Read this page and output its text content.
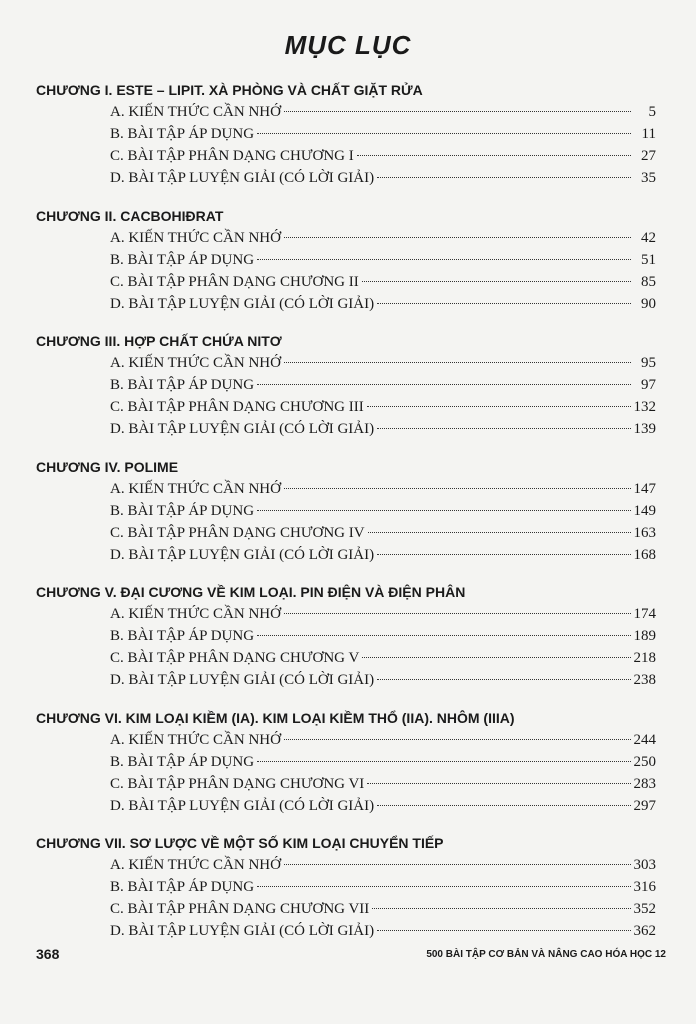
MỤC LỤC
CHƯƠNG I. ESTE – LIPIT. XÀ PHÒNG VÀ CHẤT GIẶT RỬA
A. KIẾN THỨC CẦN NHỚ	5
B. BÀI TẬP ÁP DỤNG	11
C. BÀI TẬP PHÂN DẠNG CHƯƠNG I	27
D. BÀI TẬP LUYỆN GIẢI (CÓ LỜI GIẢI)	35
CHƯƠNG II. CACBOHIĐRAT
A. KIẾN THỨC CẦN NHỚ	42
B. BÀI TẬP ÁP DỤNG	51
C. BÀI TẬP PHÂN DẠNG CHƯƠNG II	85
D. BÀI TẬP LUYỆN GIẢI (CÓ LỜI GIẢI)	90
CHƯƠNG III. HỢP CHẤT CHỨA NITƠ
A. KIẾN THỨC CẦN NHỚ	95
B. BÀI TẬP ÁP DỤNG	97
C. BÀI TẬP PHÂN DẠNG CHƯƠNG III	132
D. BÀI TẬP LUYỆN GIẢI (CÓ LỜI GIẢI)	139
CHƯƠNG IV. POLIME
A. KIẾN THỨC CẦN NHỚ	147
B. BÀI TẬP ÁP DỤNG	149
C. BÀI TẬP PHÂN DẠNG CHƯƠNG IV	163
D. BÀI TẬP LUYỆN GIẢI (CÓ LỜI GIẢI)	168
CHƯƠNG V. ĐẠI CƯƠNG VỀ KIM LOẠI. PIN ĐIỆN VÀ ĐIỆN PHÂN
A. KIẾN THỨC CẦN NHỚ	174
B. BÀI TẬP ÁP DỤNG	189
C. BÀI TẬP PHÂN DẠNG CHƯƠNG V	218
D. BÀI TẬP LUYỆN GIẢI (CÓ LỜI GIẢI)	238
CHƯƠNG VI. KIM LOẠI KIỀM (IA). KIM LOẠI KIỀM THỔ (IIA). NHÔM (IIIA)
A. KIẾN THỨC CẦN NHỚ	244
B. BÀI TẬP ÁP DỤNG	250
C. BÀI TẬP PHÂN DẠNG CHƯƠNG VI	283
D. BÀI TẬP LUYỆN GIẢI (CÓ LỜI GIẢI)	297
CHƯƠNG VII. SƠ LƯỢC VỀ MỘT SỐ KIM LOẠI CHUYỂN TIẾP
A. KIẾN THỨC CẦN NHỚ	303
B. BÀI TẬP ÁP DỤNG	316
C. BÀI TẬP PHÂN DẠNG CHƯƠNG VII	352
D. BÀI TẬP LUYỆN GIẢI (CÓ LỜI GIẢI)	362
368	500 BÀI TẬP CƠ BẢN VÀ NÂNG CAO HÓA HỌC 12
